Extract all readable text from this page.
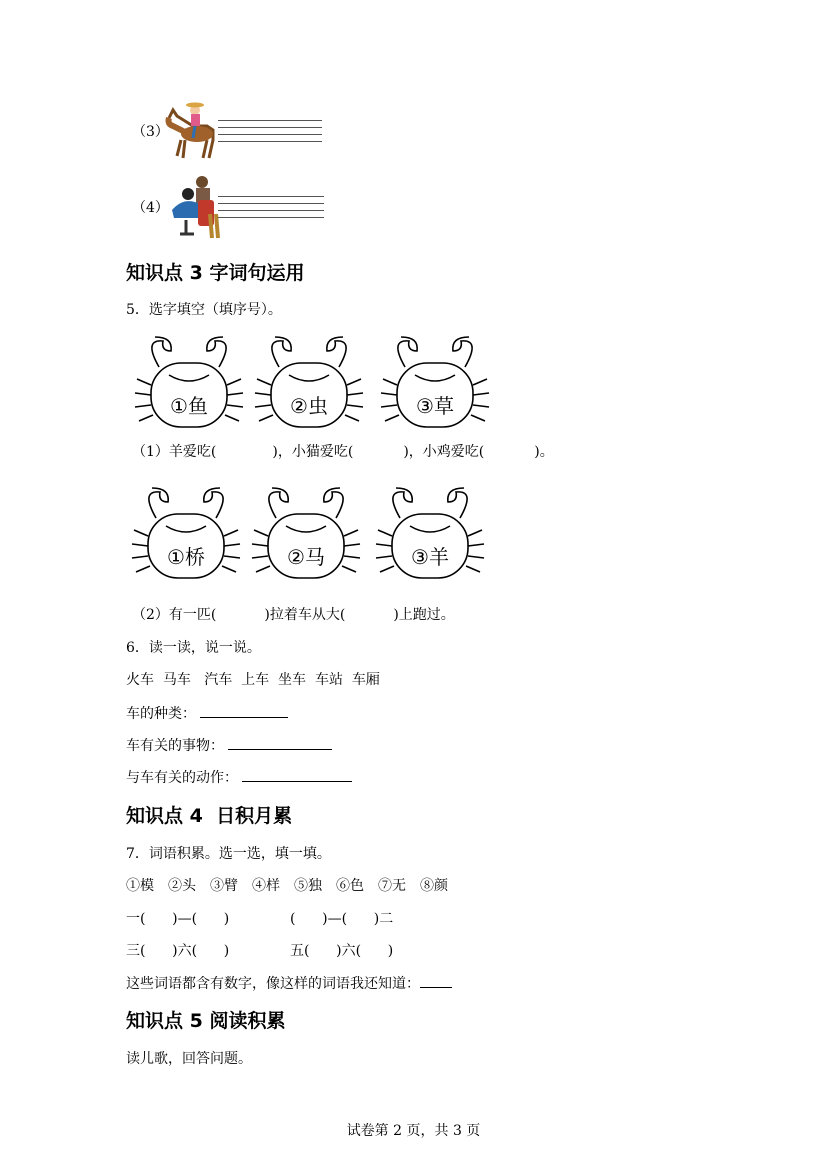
（3）
（4）
知识点 3 字词句运用
5．选字填空（填序号）。
①鱼	②虫	③草
（1）羊爱吃(	)，小猫爱吃(	)，小鸡爱吃(	)。
①桥	②马	③羊
（2）有一匹(	)拉着车从大(	)上跑过。
6．读一读，说一说。
火车  马车   汽车  上车  坐车  车站  车厢
车的种类：
车有关的事物：
与车有关的动作：
知识点 4  日积月累
7．词语积累。选一选，填一填。
①模 ②头 ③臂 ④样 ⑤独 ⑥色 ⑦无 ⑧颜
一(      )—(      )	(      )—(      )二
三(      )六(      )	五(      )六(      )
这些词语都含有数字，像这样的词语我还知道：
知识点 5 阅读积累
读儿歌，回答问题。
试卷第 2 页，共 3 页
